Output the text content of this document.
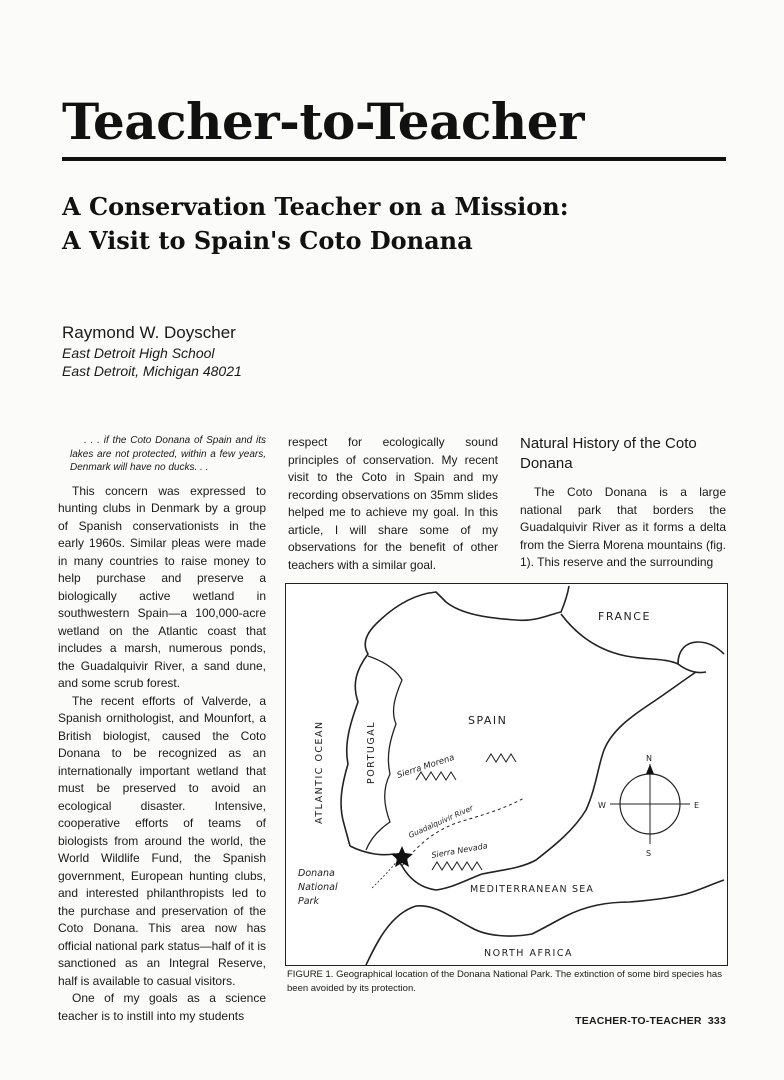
Teacher-to-Teacher
A Conservation Teacher on a Mission:
A Visit to Spain's Coto Donana
Raymond W. Doyscher
East Detroit High School
East Detroit, Michigan 48021

. . . if the Coto Donana of Spain and its lakes are not protected, within a few years, Denmark will have no ducks. . .

This concern was expressed to hunting clubs in Denmark by a group of Spanish conservationists in the early 1960s. Similar pleas were made in many countries to raise money to help purchase and preserve a biologically active wetland in southwestern Spain—a 100,000-acre wetland on the Atlantic coast that includes a marsh, numerous ponds, the Guadalquivir River, a sand dune, and some scrub forest.

The recent efforts of Valverde, a Spanish ornithologist, and Mounfort, a British biologist, caused the Coto Donana to be recognized as an internationally important wetland that must be preserved to avoid an ecological disaster. Intensive, cooperative efforts of teams of biologists from around the world, the World Wildlife Fund, the Spanish government, European hunting clubs, and interested philanthropists led to the purchase and preservation of the Coto Donana. This area now has official national park status—half of it is sanctioned as an Integral Reserve, half is available to casual visitors.

One of my goals as a science teacher is to instill into my students

respect for ecologically sound principles of conservation. My recent visit to the Coto in Spain and my recording observations on 35mm slides helped me to achieve my goal. In this article, I will share some of my observations for the benefit of other teachers with a similar goal.

Natural History of the Coto Donana

The Coto Donana is a large national park that borders the Guadalquivir River as it forms a delta from the Sierra Morena mountains (fig. 1). This reserve and the surrounding

FRANCE
SPAIN
PORTUGAL
ATLANTIC OCEAN	Sierra Morena
Guadalquivir River
Sierra Nevada
Donana
National
Park
MEDITERRANEAN SEA
NORTH AFRICA
N
S
E
W
FIGURE 1. Geographical location of the Donana National Park. The extinction of some bird species has been avoided by its protection.
TEACHER-TO-TEACHER 333
